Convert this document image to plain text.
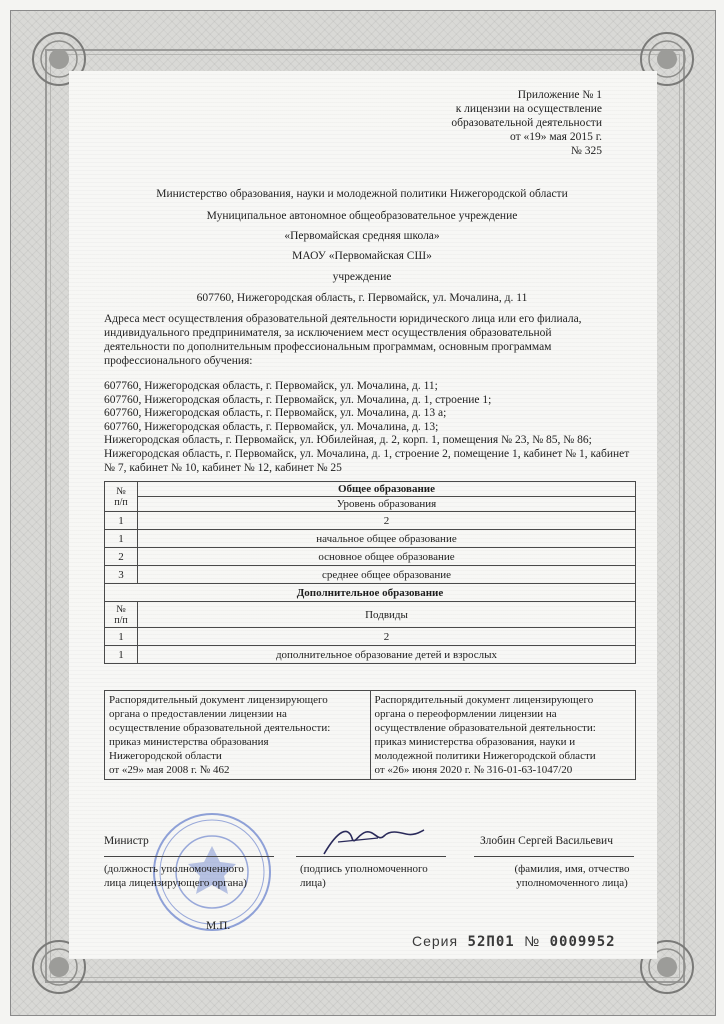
Приложение № 1
к лицензии на осуществление
образовательной деятельности
от «19» мая 2015 г.
№ 325
Министерство образования, науки и молодежной политики Нижегородской области
Муниципальное автономное общеобразовательное учреждение
«Первомайская средняя школа»
МАОУ «Первомайская СШ»
учреждение
607760, Нижегородская область, г. Первомайск, ул. Мочалина, д. 11
Адреса мест осуществления образовательной деятельности юридического лица или его филиала,
индивидуального предпринимателя, за исключением мест осуществления образовательной
деятельности по дополнительным профессиональным программам, основным программам
профессионального обучения:
607760, Нижегородская область, г. Первомайск, ул. Мочалина, д. 11;
607760, Нижегородская область, г. Первомайск, ул. Мочалина, д. 1, строение 1;
607760, Нижегородская область, г. Первомайск, ул. Мочалина, д. 13 а;
607760, Нижегородская область, г. Первомайск, ул. Мочалина, д. 13;
Нижегородская область, г. Первомайск, ул. Юбилейная, д. 2, корп. 1, помещения № 23, № 85, № 86;
Нижегородская область, г. Первомайск, ул. Мочалина, д. 1, строение 2, помещение 1, кабинет № 1, кабинет
№ 7, кабинет № 10, кабинет № 12, кабинет № 25
№
п/п	Общее образование
	Уровень образования
1	2
1	начальное общее образование
2	основное общее образование
3	среднее общее образование
Дополнительное образование	

№
п/п	Подвиды
1	2
1	дополнительное образование детей и взрослых
Распорядительный документ лицензирующего
органа о предоставлении лицензии на
осуществление образовательной деятельности:
приказ министерства образования
Нижегородской области
от «29» мая 2008 г. № 462

Распорядительный документ лицензирующего
органа о переоформлении лицензии на
осуществление образовательной деятельности:
приказ министерства образования, науки и
молодежной политики Нижегородской области
от «26» июня 2020 г. № 316-01-63-1047/20
Министр
(должность уполномоченного
лица лицензирующего органа)
(подпись уполномоченного
лица)
Злобин Сергей Васильевич
(фамилия, имя, отчество
уполномоченного лица)
М.П.
Серия 52П01 № 0009952
